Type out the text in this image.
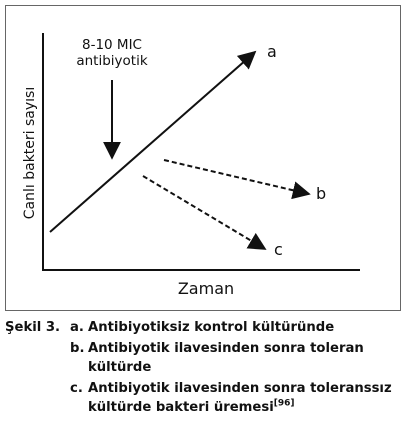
Canlı bakteri sayısı
Zaman
8-10 MIC
antibiyotik	a
b
c
Şekil 3. a. Antibiyotiksiz kontrol kültüründe
b. Antibiyotik ilavesinden sonra toleran
kültürde
c. Antibiyotik ilavesinden sonra toleranssız
kültürde bakteri üremesi[96]
